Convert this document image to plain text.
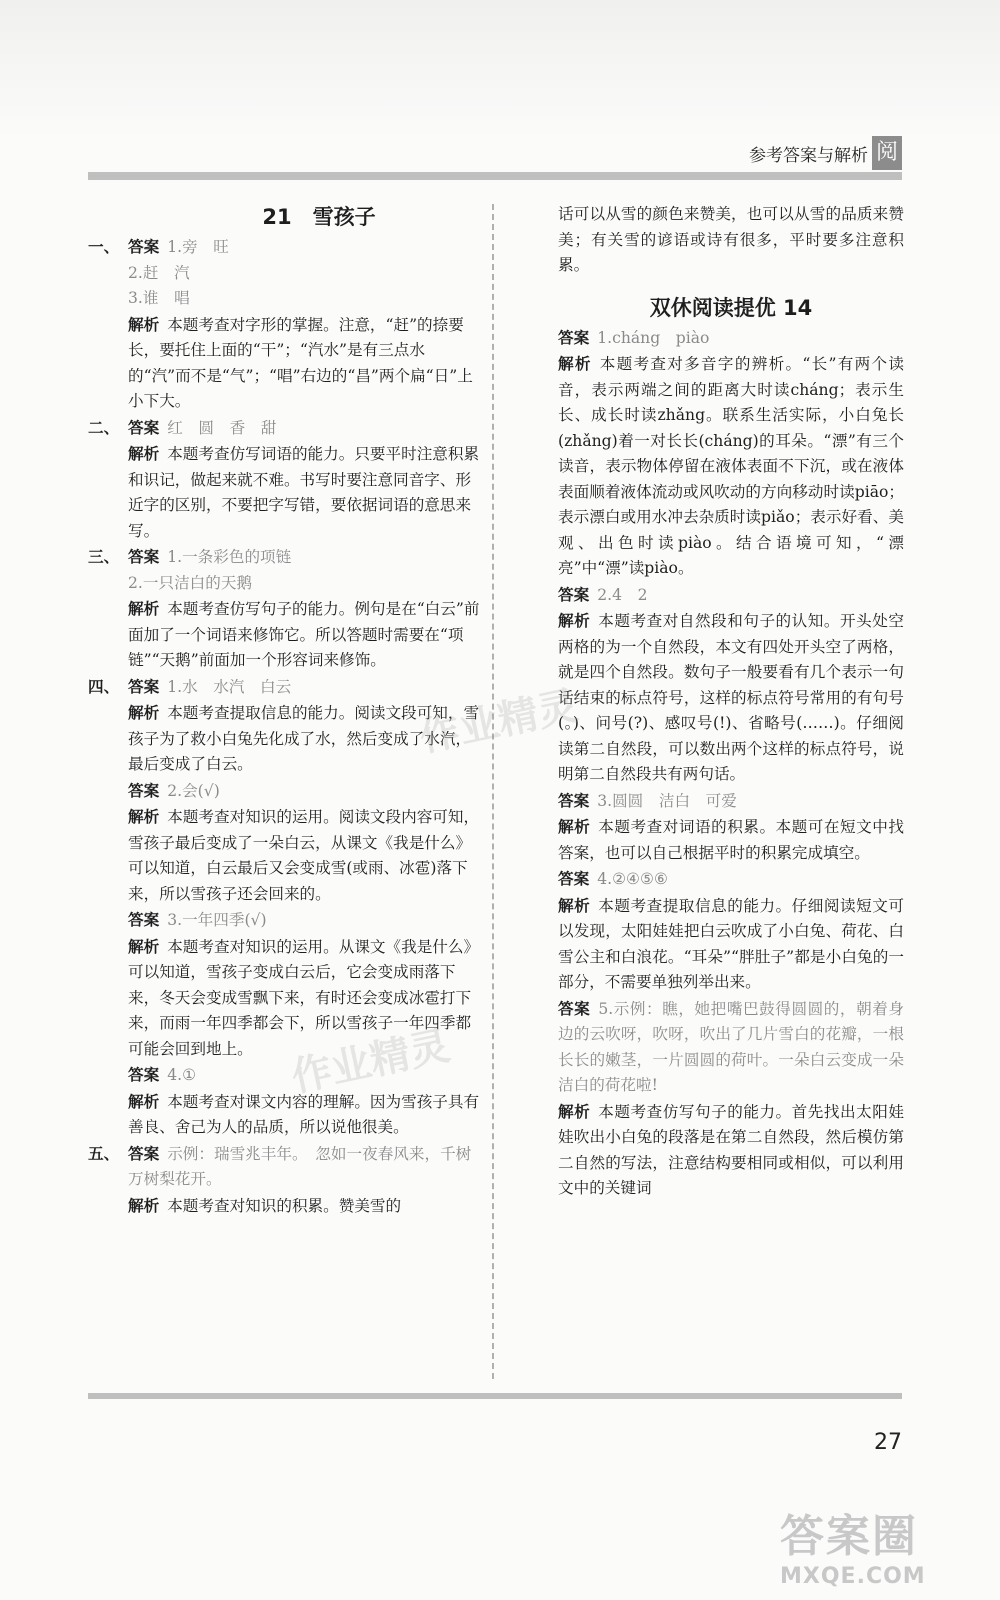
参考答案与解析 阅
21　雪孩子
一、 答案 1.旁　旺
2.赶　汽
3.谁　唱
解析 本题考查对字形的掌握。注意，“赶”的捺要长，要托住上面的“干”；“汽水”是有三点水的“汽”而不是“气”；“唱”右边的“昌”两个扁“日”上小下大。
二、 答案 红　圆　香　甜
解析 本题考查仿写词语的能力。只要平时注意积累和识记，做起来就不难。书写时要注意同音字、形近字的区别，不要把字写错，要依据词语的意思来写。
三、 答案 1.一条彩色的项链
2.一只洁白的天鹅
解析 本题考查仿写句子的能力。例句是在“白云”前面加了一个词语来修饰它。所以答题时需要在“项链”“天鹅”前面加一个形容词来修饰。
四、 答案 1.水　水汽　白云
解析 本题考查提取信息的能力。阅读文段可知，雪孩子为了救小白兔先化成了水，然后变成了水汽，最后变成了白云。
答案 2.会(√)
解析 本题考查对知识的运用。阅读文段内容可知，雪孩子最后变成了一朵白云，从课文《我是什么》可以知道，白云最后又会变成雪(或雨、冰雹)落下来，所以雪孩子还会回来的。
答案 3.一年四季(√)
解析 本题考查对知识的运用。从课文《我是什么》可以知道，雪孩子变成白云后，它会变成雨落下来，冬天会变成雪飘下来，有时还会变成冰雹打下来，而雨一年四季都会下，所以雪孩子一年四季都可能会回到地上。
答案 4.①
解析 本题考查对课文内容的理解。因为雪孩子具有善良、舍己为人的品质，所以说他很美。
五、 答案 示例：瑞雪兆丰年。　忽如一夜春风来，千树万树梨花开。
解析 本题考查对知识的积累。赞美雪的
话可以从雪的颜色来赞美，也可以从雪的品质来赞美；有关雪的谚语或诗有很多，平时要多注意积累。
双休阅读提优 14
答案 1.cháng　piào
解析 本题考查对多音字的辨析。“长”有两个读音，表示两端之间的距离大时读cháng；表示生长、成长时读zhǎng。联系生活实际，小白兔长(zhǎng)着一对长长(cháng)的耳朵。“漂”有三个读音，表示物体停留在液体表面不下沉，或在液体表面顺着液体流动或风吹动的方向移动时读piāo；表示漂白或用水冲去杂质时读piǎo；表示好看、美观、出色时读piào。结合语境可知，“漂亮”中“漂”读piào。
答案 2.4　2
解析 本题考查对自然段和句子的认知。开头处空两格的为一个自然段，本文有四处开头空了两格，就是四个自然段。数句子一般要看有几个表示一句话结束的标点符号，这样的标点符号常用的有句号(。)、问号(?)、感叹号(!)、省略号(……)。仔细阅读第二自然段，可以数出两个这样的标点符号，说明第二自然段共有两句话。
答案 3.圆圆　洁白　可爱
解析 本题考查对词语的积累。本题可在短文中找答案，也可以自己根据平时的积累完成填空。
答案 4.②④⑤⑥
解析 本题考查提取信息的能力。仔细阅读短文可以发现，太阳娃娃把白云吹成了小白兔、荷花、白雪公主和白浪花。“耳朵”“胖肚子”都是小白兔的一部分，不需要单独列举出来。
答案 5.示例：瞧，她把嘴巴鼓得圆圆的，朝着身边的云吹呀，吹呀，吹出了几片雪白的花瓣，一根长长的嫩茎，一片圆圆的荷叶。一朵白云变成一朵洁白的荷花啦!
解析 本题考查仿写句子的能力。首先找出太阳娃娃吹出小白兔的段落是在第二自然段，然后模仿第二自然的写法，注意结构要相同或相似，可以利用文中的关键词
作业精灵
作业精灵
27
答案圈
MXQE.COM
